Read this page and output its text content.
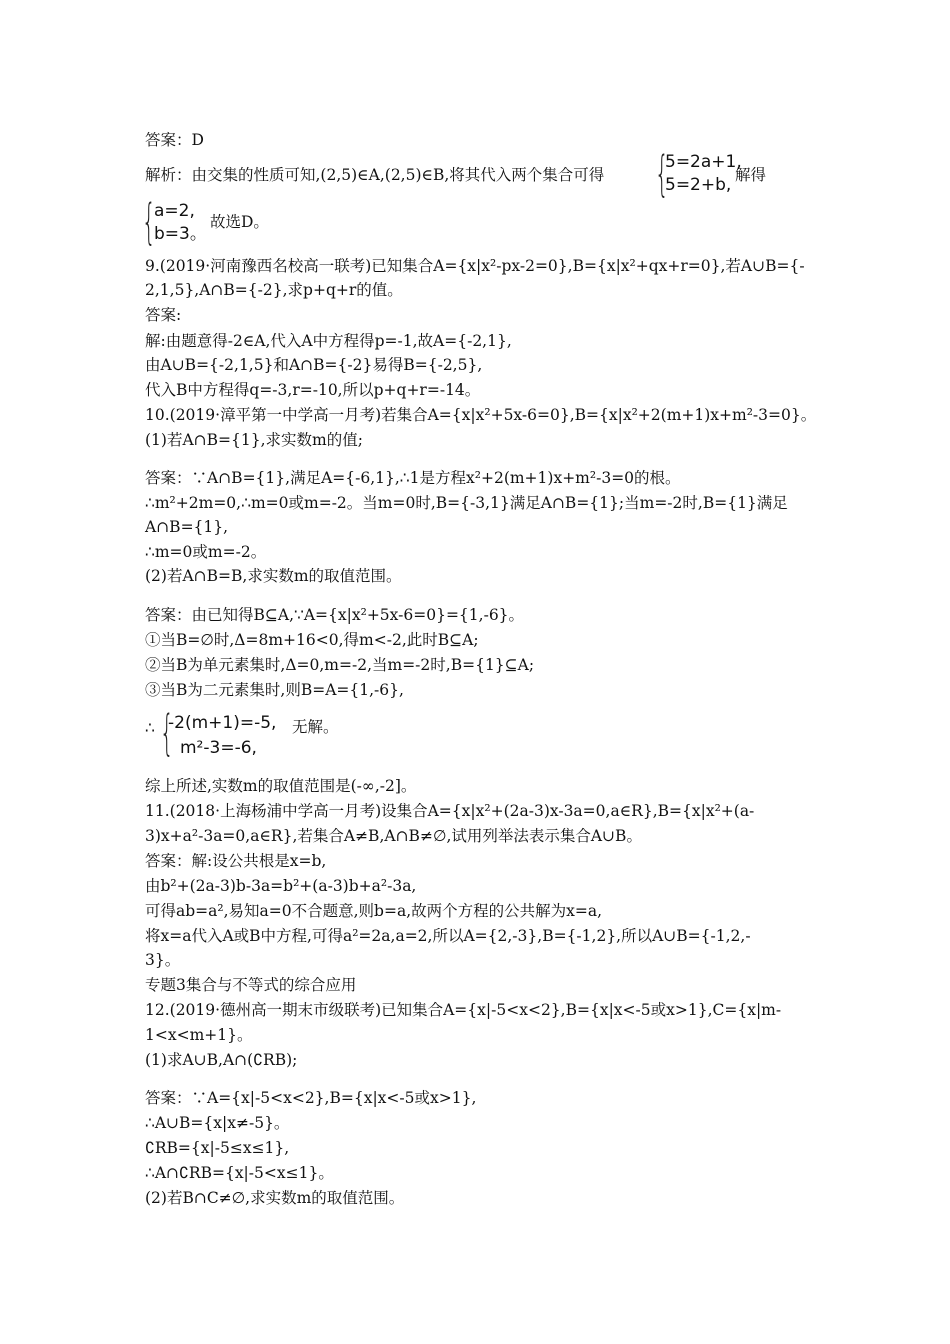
答案：D
解析：由交集的性质可知,(2,5)∈A,(2,5)∈B,将其代入两个集合可得 {
5=2a+1,
5=2+b, 解得
{
a=2,
b=3。
故选D。
9.(2019·河南豫西名校高一联考)已知集合A={x|x²-px-2=0},B={x|x²+qx+r=0},若A∪B={-
2,1,5},A∩B={-2},求p+q+r的值。
答案:
解:由题意得-2∈A,代入A中方程得p=-1,故A={-2,1},
由A∪B={-2,1,5}和A∩B={-2}易得B={-2,5},
代入B中方程得q=-3,r=-10,所以p+q+r=-14。
10.(2019·漳平第一中学高一月考)若集合A={x|x²+5x-6=0},B={x|x²+2(m+1)x+m²-3=0}。
(1)若A∩B={1},求实数m的值;
答案：∵A∩B={1},满足A={-6,1},∴1是方程x²+2(m+1)x+m²-3=0的根。
∴m²+2m=0,∴m=0或m=-2。当m=0时,B={-3,1}满足A∩B={1};当m=-2时,B={1}满足
A∩B={1},
∴m=0或m=-2。
(2)若A∩B=B,求实数m的取值范围。
答案：由已知得B⊆A,∵A={x|x²+5x-6=0}={1,-6}。
①当B=∅时,Δ=8m+16<0,得m<-2,此时B⊆A;
②当B为单元素集时,Δ=0,m=-2,当m=-2时,B={1}⊆A;
③当B为二元素集时,则B=A={1,-6},
∴ {
-2(m+1)=-5,
m²-3=-6,
无解。
综上所述,实数m的取值范围是(-∞,-2]。
11.(2018·上海杨浦中学高一月考)设集合A={x|x²+(2a-3)x-3a=0,a∈R},B={x|x²+(a-
3)x+a²-3a=0,a∈R},若集合A≠B,A∩B≠∅,试用列举法表示集合A∪B。
答案：解:设公共根是x=b,
由b²+(2a-3)b-3a=b²+(a-3)b+a²-3a,
可得ab=a²,易知a=0不合题意,则b=a,故两个方程的公共解为x=a,
将x=a代入A或B中方程,可得a²=2a,a=2,所以A={2,-3},B={-1,2},所以A∪B={-1,2,-
3}。
专题3集合与不等式的综合应用
12.(2019·德州高一期末市级联考)已知集合A={x|-5<x<2},B={x|x<-5或x>1},C={x|m-
1<x<m+1}。
(1)求A∪B,A∩(∁RB);
答案：∵A={x|-5<x<2},B={x|x<-5或x>1},
∴A∪B={x|x≠-5}。
∁RB={x|-5≤x≤1},
∴A∩∁RB={x|-5<x≤1}。
(2)若B∩C≠∅,求实数m的取值范围。
